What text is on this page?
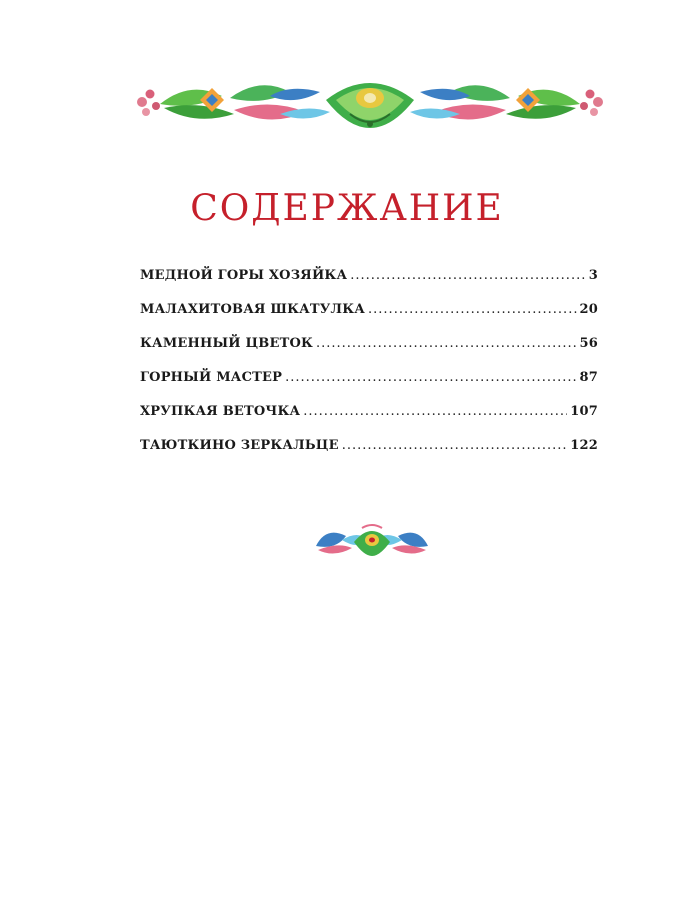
СОДЕРЖАНИЕ
МЕДНОЙ ГОРЫ ХОЗЯЙКА .....	3
МАЛАХИТОВАЯ ШКАТУЛКА .....	20
КАМЕННЫЙ ЦВЕТОК .....	56
ГОРНЫЙ МАСТЕР .....	87
ХРУПКАЯ ВЕТОЧКА .....	107
ТАЮТКИНО ЗЕРКАЛЬЦЕ .....	122
